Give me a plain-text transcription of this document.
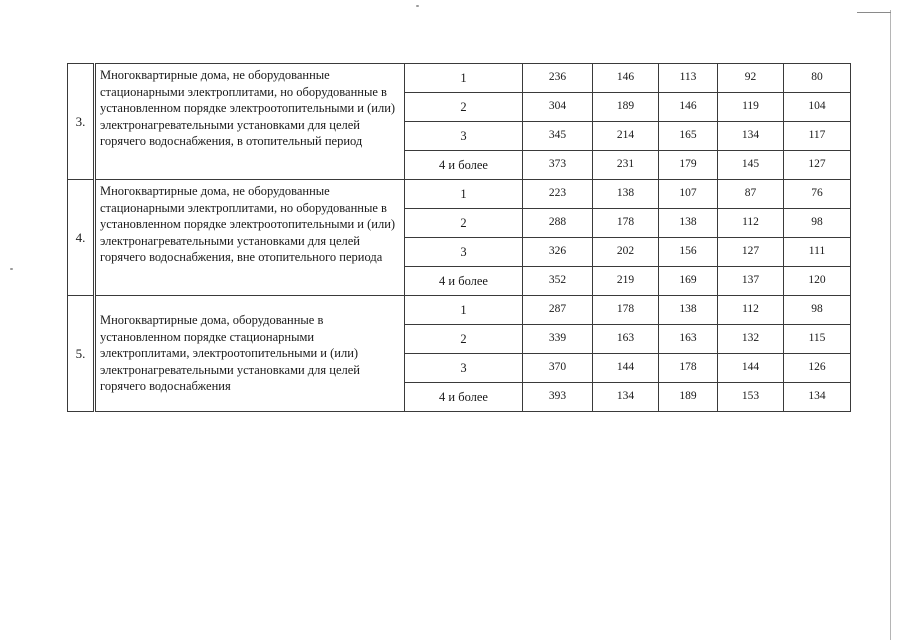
3.	Многоквартирные дома, не оборудованные стационарными электроплитами, но оборудованные в установленном порядке электроотопительными и (или) электронагревательными установками для целей горячего водоснабжения, в отопительный период	1	236	146	113	92	80
		2	304	189	146	119	104
		3	345	214	165	134	117
		4 и более	373	231	179	145	127
4.	Многоквартирные дома, не оборудованные стационарными электроплитами, но оборудованные в установленном порядке электроотопительными и (или) электронагревательными установками для целей горячего водоснабжения, вне отопительного периода	1	223	138	107	87	76
		2	288	178	138	112	98
		3	326	202	156	127	111
		4 и более	352	219	169	137	120
5.	Многоквартирные дома, оборудованные в установленном порядке стационарными электроплитами, электроотопительными и (или) электронагревательными установками для целей горячего водоснабжения	1	287	178	138	112	98
		2	339	163	163	132	115
		3	370	144	178	144	126
		4 и более	393	134	189	153	134
